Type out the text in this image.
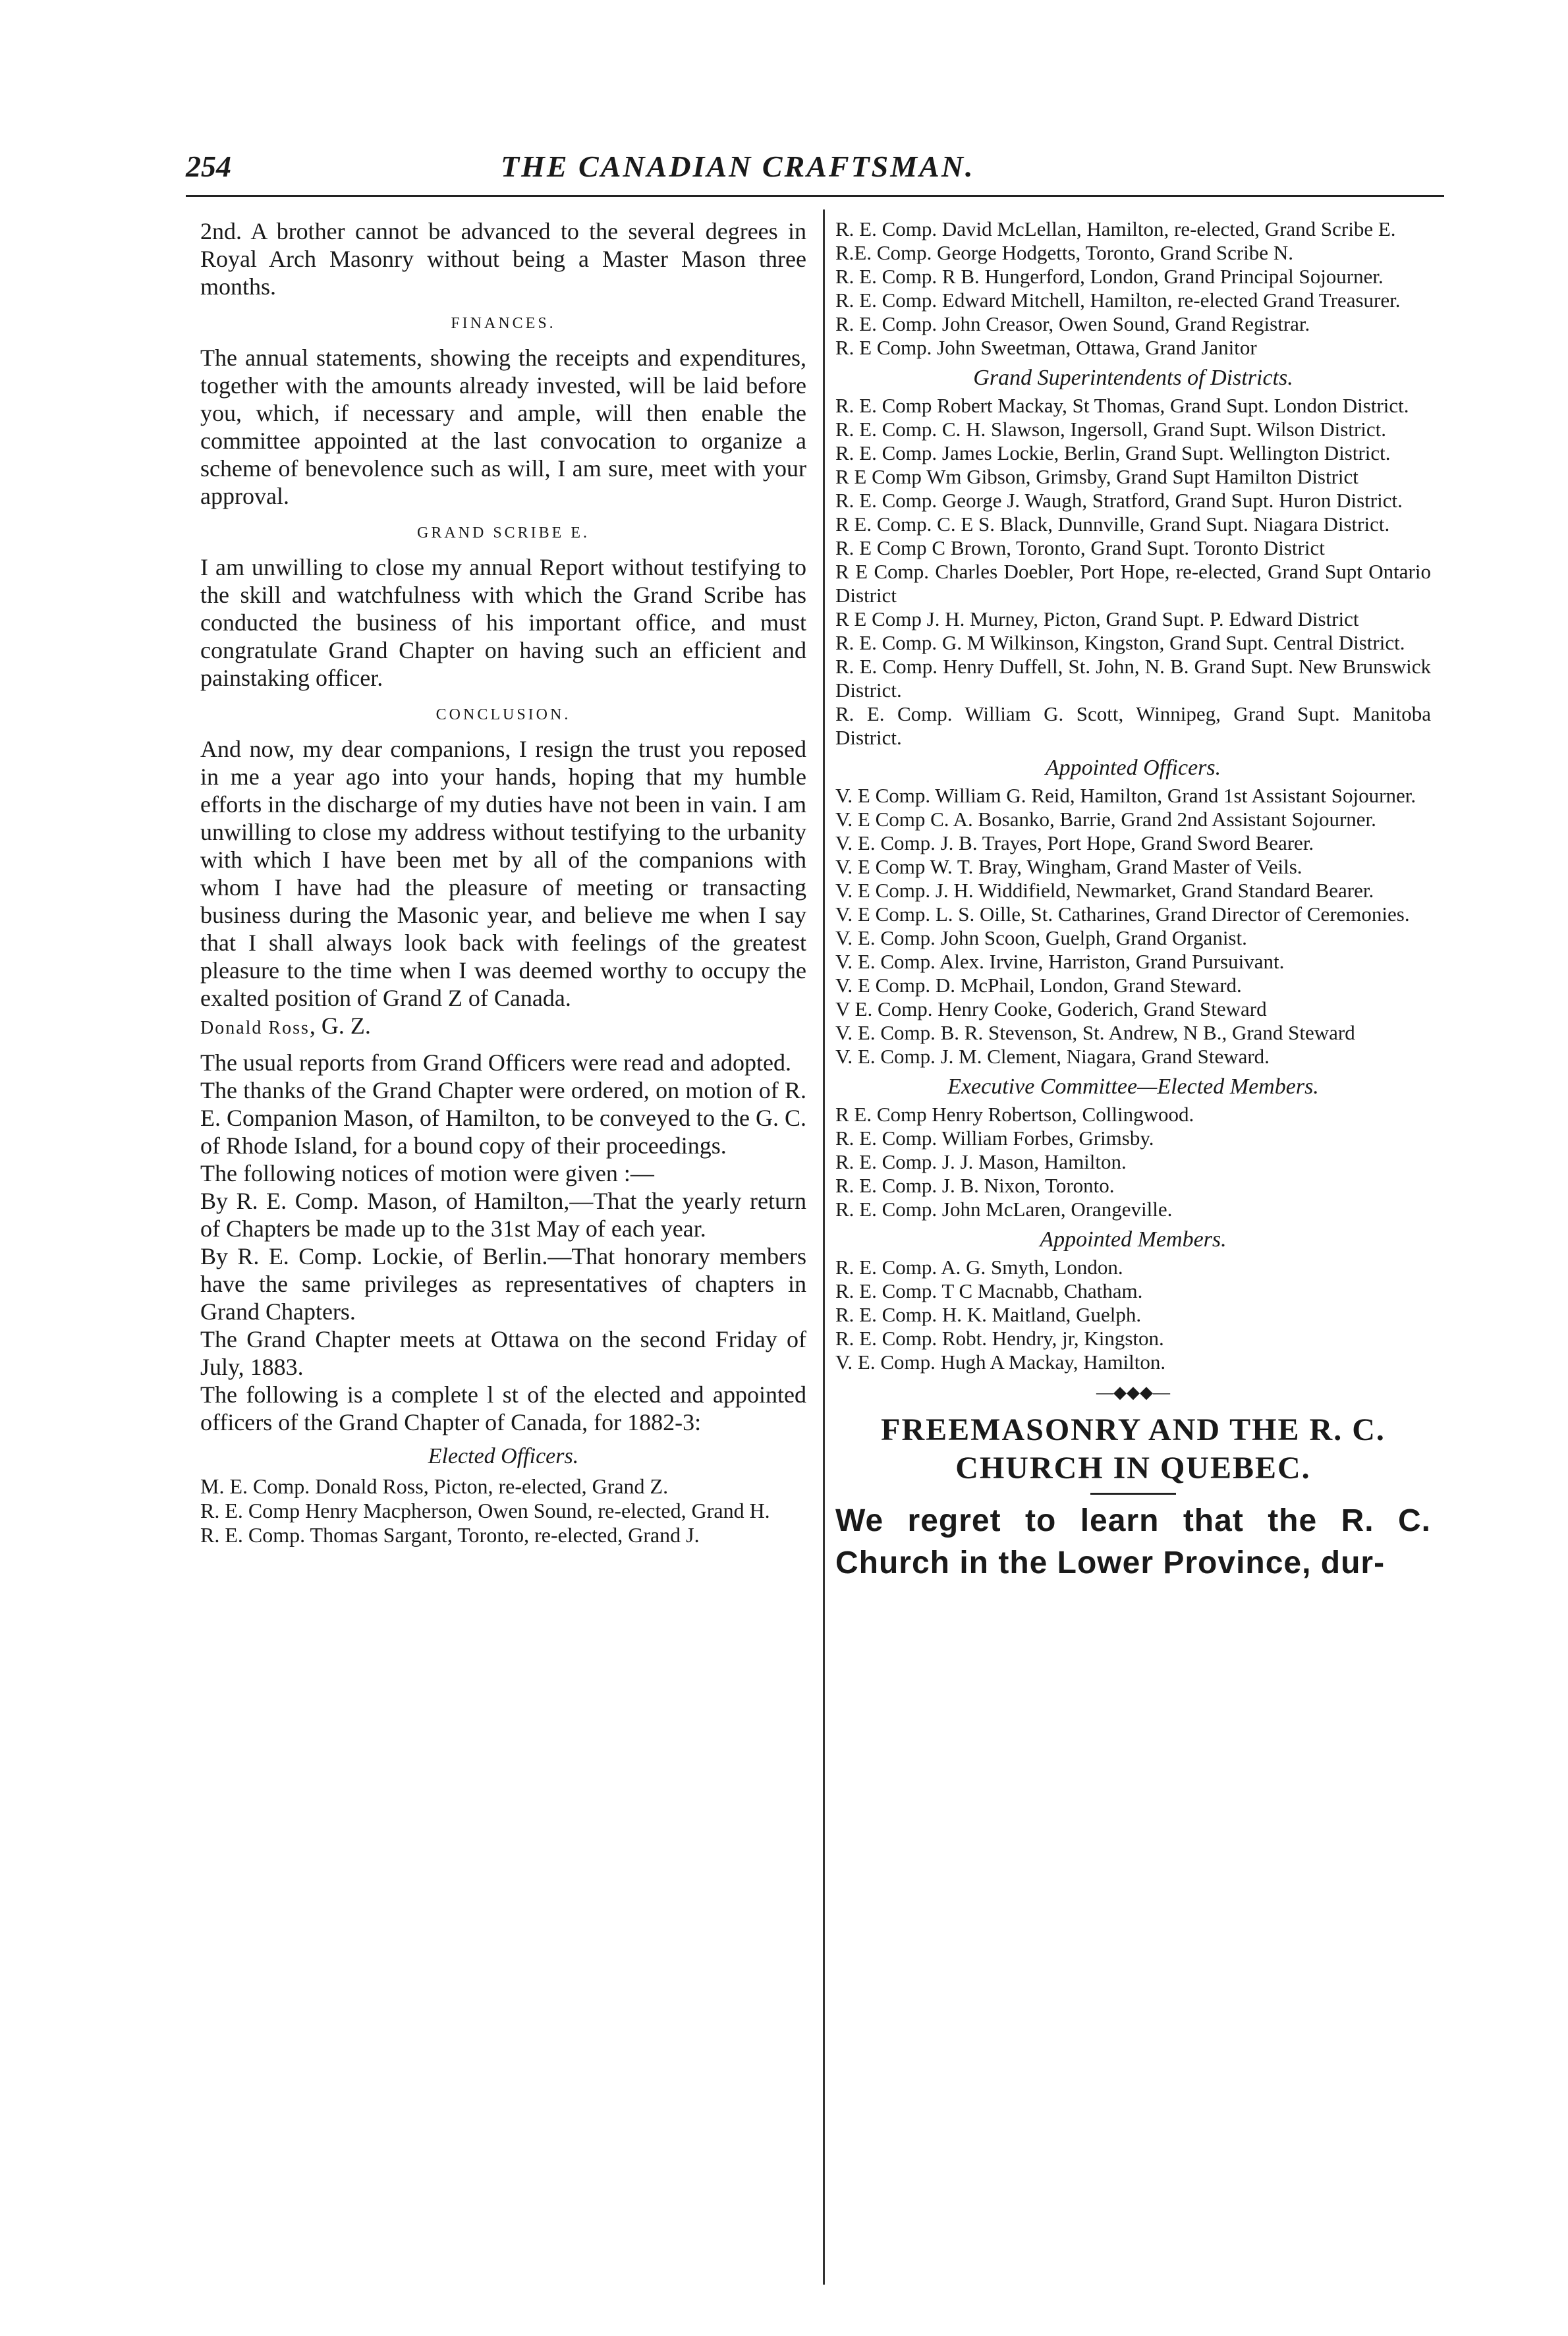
254	THE CANADIAN CRAFTSMAN.

2nd. A brother cannot be advanced to the several degrees in Royal Arch Masonry without being a Master Mason three months.

FINANCES.

The annual statements, showing the receipts and expenditures, together with the amounts already invested, will be laid before you, which, if necessary and ample, will then enable the committee appointed at the last convocation to organize a scheme of benevolence such as will, I am sure, meet with your approval.

GRAND SCRIBE E.

I am unwilling to close my annual Report without testifying to the skill and watchfulness with which the Grand Scribe has conducted the business of his important office, and must congratulate Grand Chapter on having such an efficient and painstaking officer.

CONCLUSION.

And now, my dear companions, I resign the trust you reposed in me a year ago into your hands, hoping that my humble efforts in the discharge of my duties have not been in vain. I am unwilling to close my address without testifying to the urbanity with which I have been met by all of the companions with whom I have had the pleasure of meeting or transacting business during the Masonic year, and believe me when I say that I shall always look back with feelings of the greatest pleasure to the time when I was deemed worthy to occupy the exalted position of Grand Z of Canada.

Donald Ross, G. Z.

The usual reports from Grand Officers were read and adopted.

The thanks of the Grand Chapter were ordered, on motion of R. E. Companion Mason, of Hamilton, to be conveyed to the G. C. of Rhode Island, for a bound copy of their proceedings.

The following notices of motion were given :—

By R. E. Comp. Mason, of Hamilton,—That the yearly return of Chapters be made up to the 31st May of each year.

By R. E. Comp. Lockie, of Berlin.—That honorary members have the same privileges as representatives of chapters in Grand Chapters.

The Grand Chapter meets at Ottawa on the second Friday of July, 1883.

The following is a complete l st of the elected and appointed officers of the Grand Chapter of Canada, for 1882-3:

Elected Officers.

M. E. Comp. Donald Ross, Picton, re-elected, Grand Z.

R. E. Comp Henry Macpherson, Owen Sound, re-elected, Grand H.

R. E. Comp. Thomas Sargant, Toronto, re-elected, Grand J.

R. E. Comp. David McLellan, Hamilton, re-elected, Grand Scribe E.

R.E. Comp. George Hodgetts, Toronto, Grand Scribe N.

R. E. Comp. R B. Hungerford, London, Grand Principal Sojourner.

R. E. Comp. Edward Mitchell, Hamilton, re-elected Grand Treasurer.

R. E. Comp. John Creasor, Owen Sound, Grand Registrar.

R. E Comp. John Sweetman, Ottawa, Grand Janitor

Grand Superintendents of Districts.

R. E. Comp Robert Mackay, St Thomas, Grand Supt. London District.

R. E. Comp. C. H. Slawson, Ingersoll, Grand Supt. Wilson District.

R. E. Comp. James Lockie, Berlin, Grand Supt. Wellington District.

R E Comp Wm Gibson, Grimsby, Grand Supt Hamilton District

R. E. Comp. George J. Waugh, Stratford, Grand Supt. Huron District.

R E. Comp. C. E S. Black, Dunnville, Grand Supt. Niagara District.

R. E Comp C Brown, Toronto, Grand Supt. Toronto District

R E Comp. Charles Doebler, Port Hope, re-elected, Grand Supt Ontario District

R E Comp J. H. Murney, Picton, Grand Supt. P. Edward District

R. E. Comp. G. M Wilkinson, Kingston, Grand Supt. Central District.

R. E. Comp. Henry Duffell, St. John, N. B. Grand Supt. New Brunswick District.

R. E. Comp. William G. Scott, Winnipeg, Grand Supt. Manitoba District.

Appointed Officers.

V. E Comp. William G. Reid, Hamilton, Grand 1st Assistant Sojourner.

V. E Comp C. A. Bosanko, Barrie, Grand 2nd Assistant Sojourner.

V. E. Comp. J. B. Trayes, Port Hope, Grand Sword Bearer.

V. E Comp W. T. Bray, Wingham, Grand Master of Veils.

V. E Comp. J. H. Widdifield, Newmarket, Grand Standard Bearer.

V. E Comp. L. S. Oille, St. Catharines, Grand Director of Ceremonies.

V. E. Comp. John Scoon, Guelph, Grand Organist.

V. E. Comp. Alex. Irvine, Harriston, Grand Pursuivant.

V. E Comp. D. McPhail, London, Grand Steward.

V E. Comp. Henry Cooke, Goderich, Grand Steward

V. E. Comp. B. R. Stevenson, St. Andrew, N B., Grand Steward

V. E. Comp. J. M. Clement, Niagara, Grand Steward.

Executive Committee—Elected Members.

R E. Comp Henry Robertson, Collingwood.

R. E. Comp. William Forbes, Grimsby.

R. E. Comp. J. J. Mason, Hamilton.

R. E. Comp. J. B. Nixon, Toronto.

R. E. Comp. John McLaren, Orangeville.

Appointed Members.

R. E. Comp. A. G. Smyth, London.

R. E. Comp. T C Macnabb, Chatham.

R. E. Comp. H. K. Maitland, Guelph.

R. E. Comp. Robt. Hendry, jr, Kingston.

V. E. Comp. Hugh A Mackay, Hamilton.

—◆◆◆—
FREEMASONRY AND THE R. C.
CHURCH IN QUEBEC.

We regret to learn that the R. C. Church in the Lower Province, dur-
